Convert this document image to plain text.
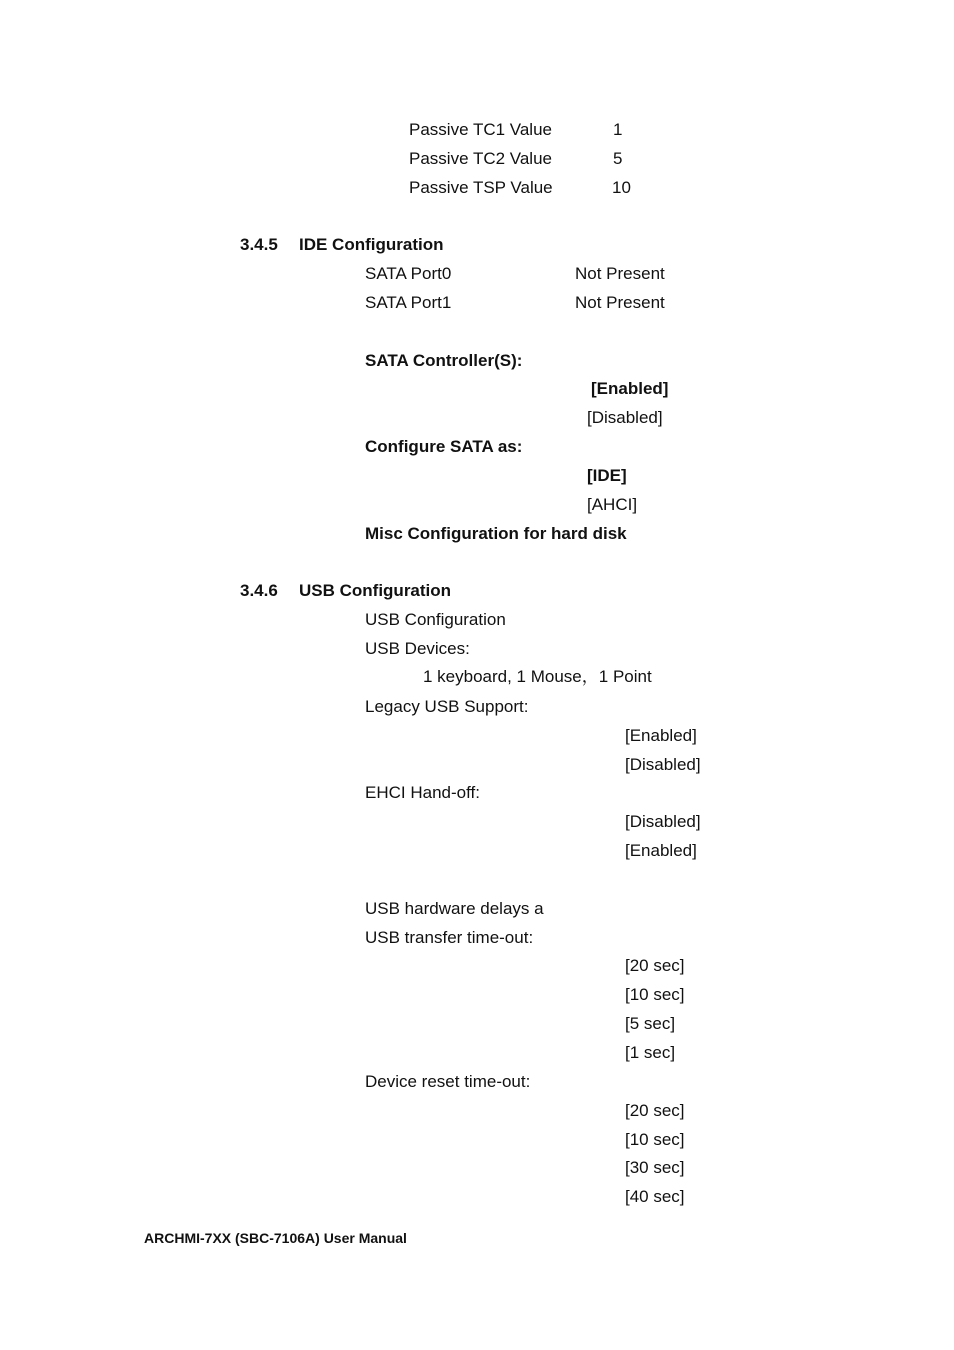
Passive TC1 Value	1
Passive TC2 Value	5
Passive TSP Value	10
3.4.5 IDE Configuration
SATA Port0	Not Present
SATA Port1	Not Present
SATA Controller(S):
[Enabled]
[Disabled]
Configure SATA as:
[IDE]
[AHCI]
Misc Configuration for hard disk
3.4.6 USB Configuration
USB Configuration
USB Devices:
1 keyboard, 1 Mouse，1 Point
Legacy USB Support:
[Enabled]
[Disabled]
EHCI Hand-off:
[Disabled]
[Enabled]
USB hardware delays a
USB transfer time-out:
[20 sec]
[10 sec]
[5 sec]
[1 sec]
Device reset time-out:
[20 sec]
[10 sec]
[30 sec]
[40 sec]
ARCHMI-7XX (SBC-7106A) User Manual
